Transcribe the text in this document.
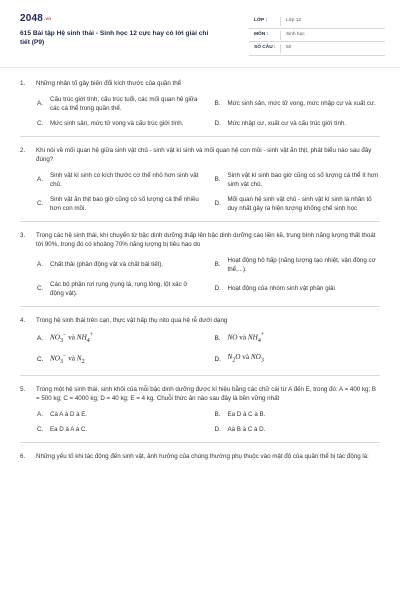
$2048^{.vn}$
615 Bài tập Hệ sinh thái - Sinh học 12 cực hay có lời giải chi tiết (P9)
LỚP :	Lớp 12
MÔN :	Sinh học
SỐ CÂU : 50
1.	Những nhân tố gây biến đổi kích thước của quần thể
A.
Cấu trúc giới tính, cấu trúc tuổi, các mối quan hệ giữa các cá thể trong quần thể.
B.	Mức sinh sản, mức tử vong, mức nhập cư và xuất cư.
C.	Mức sinh sản, mức tử vong và cấu trúc giới tính.	D.	Mức nhập cư, xuất cư và cấu trúc giới tính.
2.	Khi nói về mối quan hệ giữa sinh vật chủ - sinh vật kí sinh và mối quan hệ con mồi - sinh vật ăn thịt, phát biểu nào sau đây đúng?
A.
Sinh vật kí sinh có kích thước cơ thể nhỏ hơn sinh vật chủ.
B.
Sinh vật kí sinh bao giờ cũng có số lượng cá thể ít hơn sinh vật chủ.
C.
Sinh vật ăn thịt bao giờ cũng có số lượng cá thể nhiều hơn con mồi.
D.
Mối quan hệ sinh vật chủ - sinh vật kí sinh là nhân tố duy nhất gây ra hiện tượng khống chế sinh học
3.	Trong các hệ sinh thái, khi chuyển từ bậc dinh dưỡng thấp lên bậc dinh dưỡng cao liền kề, trung bình năng lượng thất thoát tới 90%, trong đó có khoảng 70% năng lượng bị tiêu hao do
A.	Chất thải (phân động vật và chất bài tiết).	B.
Hoạt động hô hấp (năng lượng tạo nhiệt, vận động cơ thể,...).
C.
Các bộ phận rơi rụng (rụng lá, rụng lông, lột xác ở động vật).
D.	Hoạt động của nhóm sinh vật phân giải
4.	Trong hệ sinh thái trên cạn, thực vật hấp thụ nito qua hệ rễ dưới dạng
A. $NO_3^-$ và $NH_4^+$	B. NO và $NH_4^+$
C. $NO_3^-$ và $N_2$	D. $N_2O$ và $NO_3$
5.	Trong một hệ sinh thái, sinh khối của mỗi bậc dinh dưỡng được kí hiệu bằng các chữ cái từ A đến E, trong đó: A = 400 kg; B = 500 kg; C = 4000 kg; D = 40 kg; E = 4 kg. Chuỗi thức ăn nào sau đây là bền vững nhất
A.	Cà A à D à E.	B.	Ea D à C à B.
C.	Ea D à A à C.	D.	Aà B à C à D.
6.	Những yếu tố khi tác động đến sinh vật, ảnh hưởng của chúng thường phụ thuộc vào mật độ của quần thể bị tác động là:
